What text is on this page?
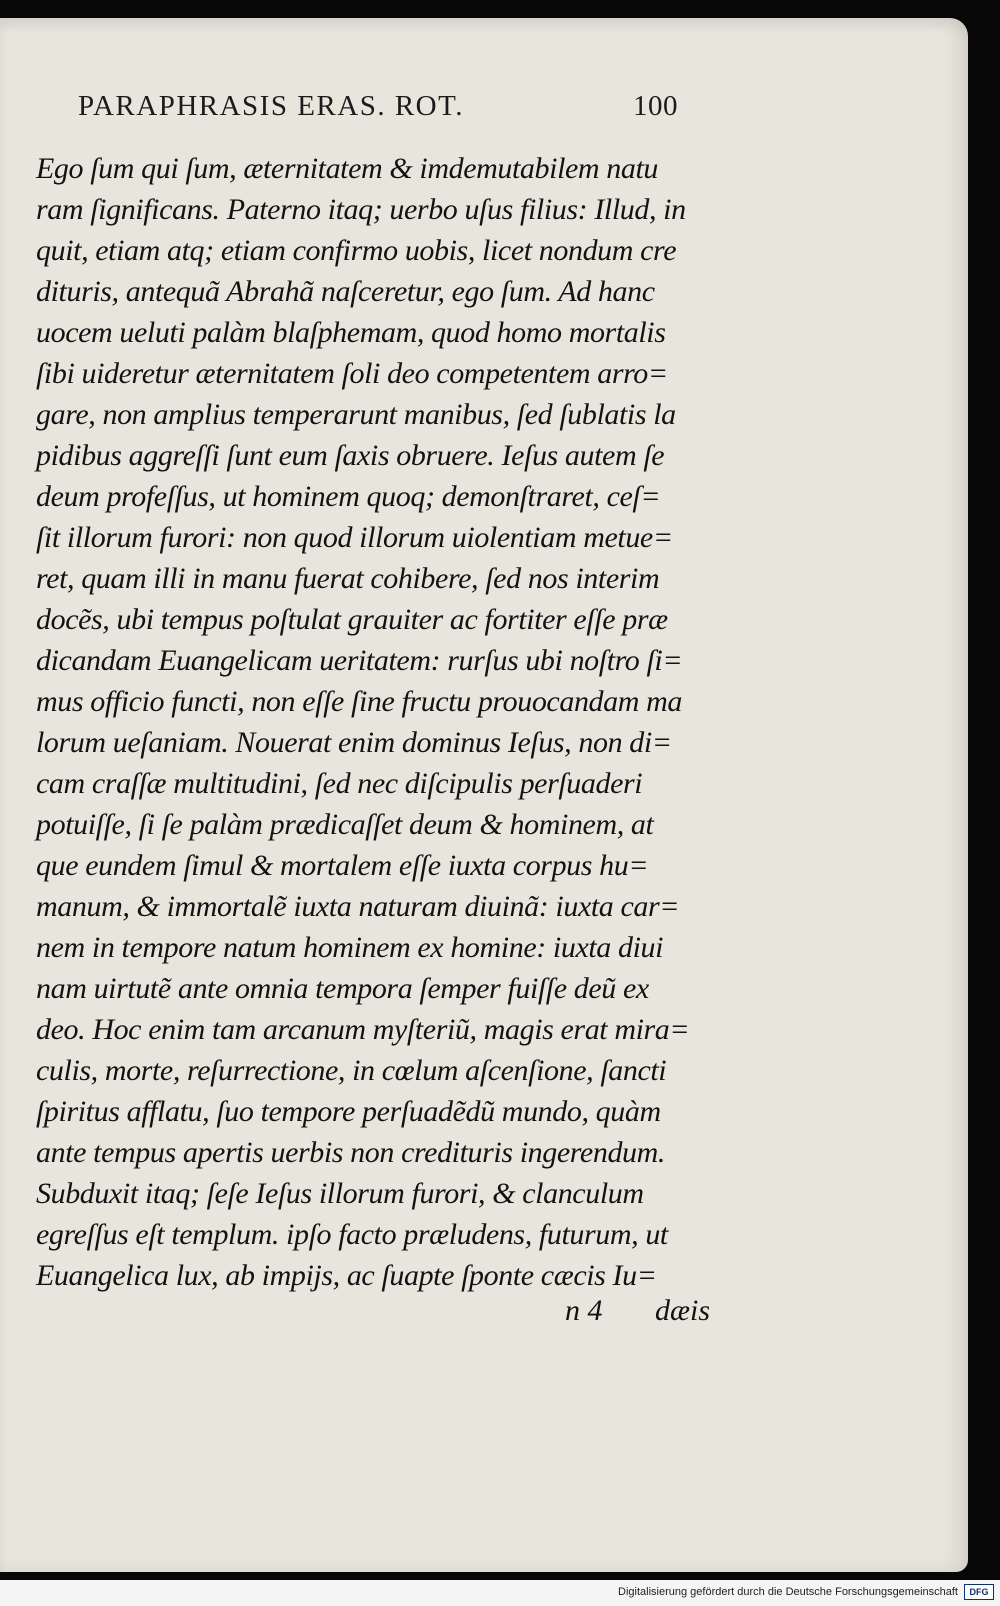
PARAPHRASIS ERAS. ROT.	100
Ego ſum qui ſum, æternitatem & imdemutabilem natu
ram ſignificans. Paterno itaq; uerbo uſus filius: Illud, in
quit, etiam atq; etiam confirmo uobis, licet nondum cre
dituris, antequã Abrahã naſceretur, ego ſum. Ad hanc
uocem ueluti palàm blaſphemam, quod homo mortalis
ſibi uideretur æternitatem ſoli deo competentem arro=
gare, non amplius temperarunt manibus, ſed ſublatis la
pidibus aggreſſi ſunt eum ſaxis obruere. Ieſus autem ſe
deum profeſſus, ut hominem quoq; demonſtraret, ceſ=
ſit illorum furori: non quod illorum uiolentiam metue=
ret, quam illi in manu fuerat cohibere, ſed nos interim
docẽs, ubi tempus poſtulat grauiter ac fortiter eſſe præ
dicandam Euangelicam ueritatem: rurſus ubi noſtro ſi=
mus officio functi, non eſſe ſine fructu prouocandam ma
lorum ueſaniam. Nouerat enim dominus Ieſus, non di=
cam craſſæ multitudini, ſed nec diſcipulis perſuaderi
potuiſſe, ſi ſe palàm prædicaſſet deum & hominem, at
que eundem ſimul & mortalem eſſe iuxta corpus hu=
manum, & immortalẽ iuxta naturam diuinã: iuxta car=
nem in tempore natum hominem ex homine: iuxta diui
nam uirtutẽ ante omnia tempora ſemper fuiſſe deũ ex
deo. Hoc enim tam arcanum myſteriũ, magis erat mira=
culis, morte, reſurrectione, in cœlum aſcenſione, ſancti
ſpiritus afflatu, ſuo tempore perſuadẽdũ mundo, quàm
ante tempus apertis uerbis non credituris ingerendum.
Subduxit itaq; ſeſe Ieſus illorum furori, & clanculum
egreſſus eſt templum. ipſo facto præludens, futurum, ut
Euangelica lux, ab impijs, ac ſuapte ſponte cæcis Iu=
n 4 dæis
Digitalisierung gefördert durch die Deutsche Forschungsgemeinschaft	DFG
